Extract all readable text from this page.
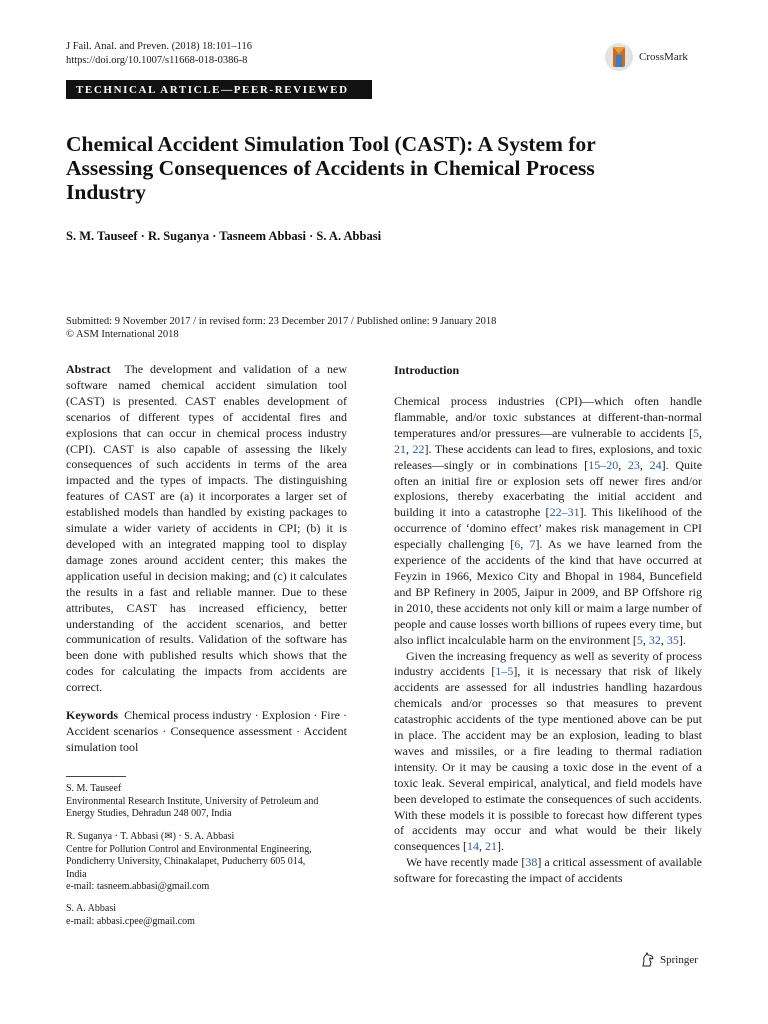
J Fail. Anal. and Preven. (2018) 18:101–116
https://doi.org/10.1007/s11668-018-0386-8	CrossMark
TECHNICAL ARTICLE—PEER-REVIEWED
Chemical Accident Simulation Tool (CAST): A System for Assessing Consequences of Accidents in Chemical Process Industry
S. M. Tauseef · R. Suganya · Tasneem Abbasi · S. A. Abbasi
Submitted: 9 November 2017 / in revised form: 23 December 2017 / Published online: 9 January 2018
© ASM International 2018

Abstract The development and validation of a new software named chemical accident simulation tool (CAST) is presented. CAST enables development of scenarios of different types of accidental fires and explosions that can occur in chemical process industry (CPI). CAST is also capable of assessing the likely consequences of such accidents in terms of the area impacted and the types of impacts. The distinguishing features of CAST are (a) it incorporates a larger set of established models than handled by existing packages to simulate a wider variety of accidents in CPI; (b) it is developed with an integrated mapping tool to display damage zones around accident center; this makes the application useful in decision making; and (c) it calculates the results in a fast and reliable manner. Due to these attributes, CAST has increased efficiency, better understanding of the accident scenarios, and better communication of results. Validation of the software has been done with published results which shows that the codes for calculating the impacts from accidents are correct.

Keywords Chemical process industry · Explosion · Fire · Accident scenarios · Consequence assessment · Accident simulation tool

S. M. Tauseef
Environmental Research Institute, University of Petroleum and
Energy Studies, Dehradun 248 007, India
R. Suganya · T. Abbasi (✉) · S. A. Abbasi
Centre for Pollution Control and Environmental Engineering,
Pondicherry University, Chinakalapet, Puducherry 605 014,
India
e-mail: tasneem.abbasi@gmail.com
S. A. Abbasi
e-mail: abbasi.cpee@gmail.com
Introduction

Chemical process industries (CPI)—which often handle flammable, and/or toxic substances at different-than-normal temperatures and/or pressures—are vulnerable to accidents [5, 21, 22]. These accidents can lead to fires, explosions, and toxic releases—singly or in combinations [15–20, 23, 24]. Quite often an initial fire or explosion sets off newer fires and/or explosions, thereby exacerbating the initial accident and building it into a catastrophe [22–31]. This likelihood of the occurrence of ‘domino effect’ makes risk management in CPI especially challenging [6, 7]. As we have learned from the experience of the accidents of the kind that have occurred at Feyzin in 1966, Mexico City and Bhopal in 1984, Buncefield and BP Refinery in 2005, Jaipur in 2009, and BP Offshore rig in 2010, these accidents not only kill or maim a large number of people and cause losses worth billions of rupees every time, but also inflict incalculable harm on the environment [5, 32, 35].

Given the increasing frequency as well as severity of process industry accidents [1–5], it is necessary that risk of likely accidents are assessed for all industries handling hazardous chemicals and/or processes so that measures to prevent catastrophic accidents of the type mentioned above can be put in place. The accident may be an explosion, leading to blast waves and missiles, or a fire leading to thermal radiation intensity. Or it may be causing a toxic dose in the event of a toxic leak. Several empirical, analytical, and field models have been developed to estimate the consequences of such accidents. With these models it is possible to forecast how different types of accidents may occur and what would be their likely consequences [14, 21].

We have recently made [38] a critical assessment of available software for forecasting the impact of accidents

Springer
